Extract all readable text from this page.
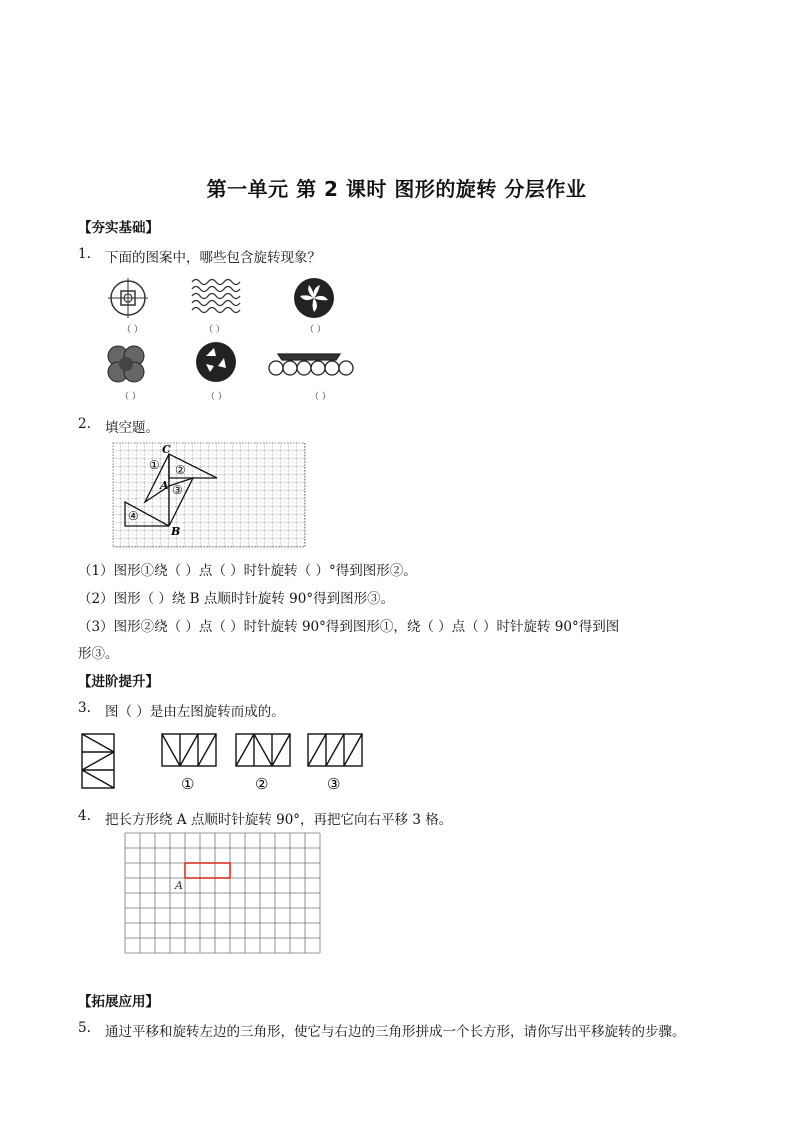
第一单元 第 2 课时 图形的旋转 分层作业
【夯实基础】
1. 下面的图案中，哪些包含旋转现象？
（ ）	（ ）	（ ）
（ ）	（ ）	（ ）
2. 填空题。
C
① ②
A ③
④
B
（1）图形①绕（ ）点（ ）时针旋转（ ）°得到图形②。
（2）图形（ ）绕 B 点顺时针旋转 90°得到图形③。
（3）图形②绕（ ）点（ ）时针旋转 90°得到图形①，绕（ ）点（ ）时针旋转 90°得到图
形③。
【进阶提升】
3. 图（ ）是由左图旋转而成的。
①	②	③
4. 把长方形绕 A 点顺时针旋转 90°，再把它向右平移 3 格。
A
【拓展应用】
5. 通过平移和旋转左边的三角形，使它与右边的三角形拼成一个长方形，请你写出平移旋转的步骤。
